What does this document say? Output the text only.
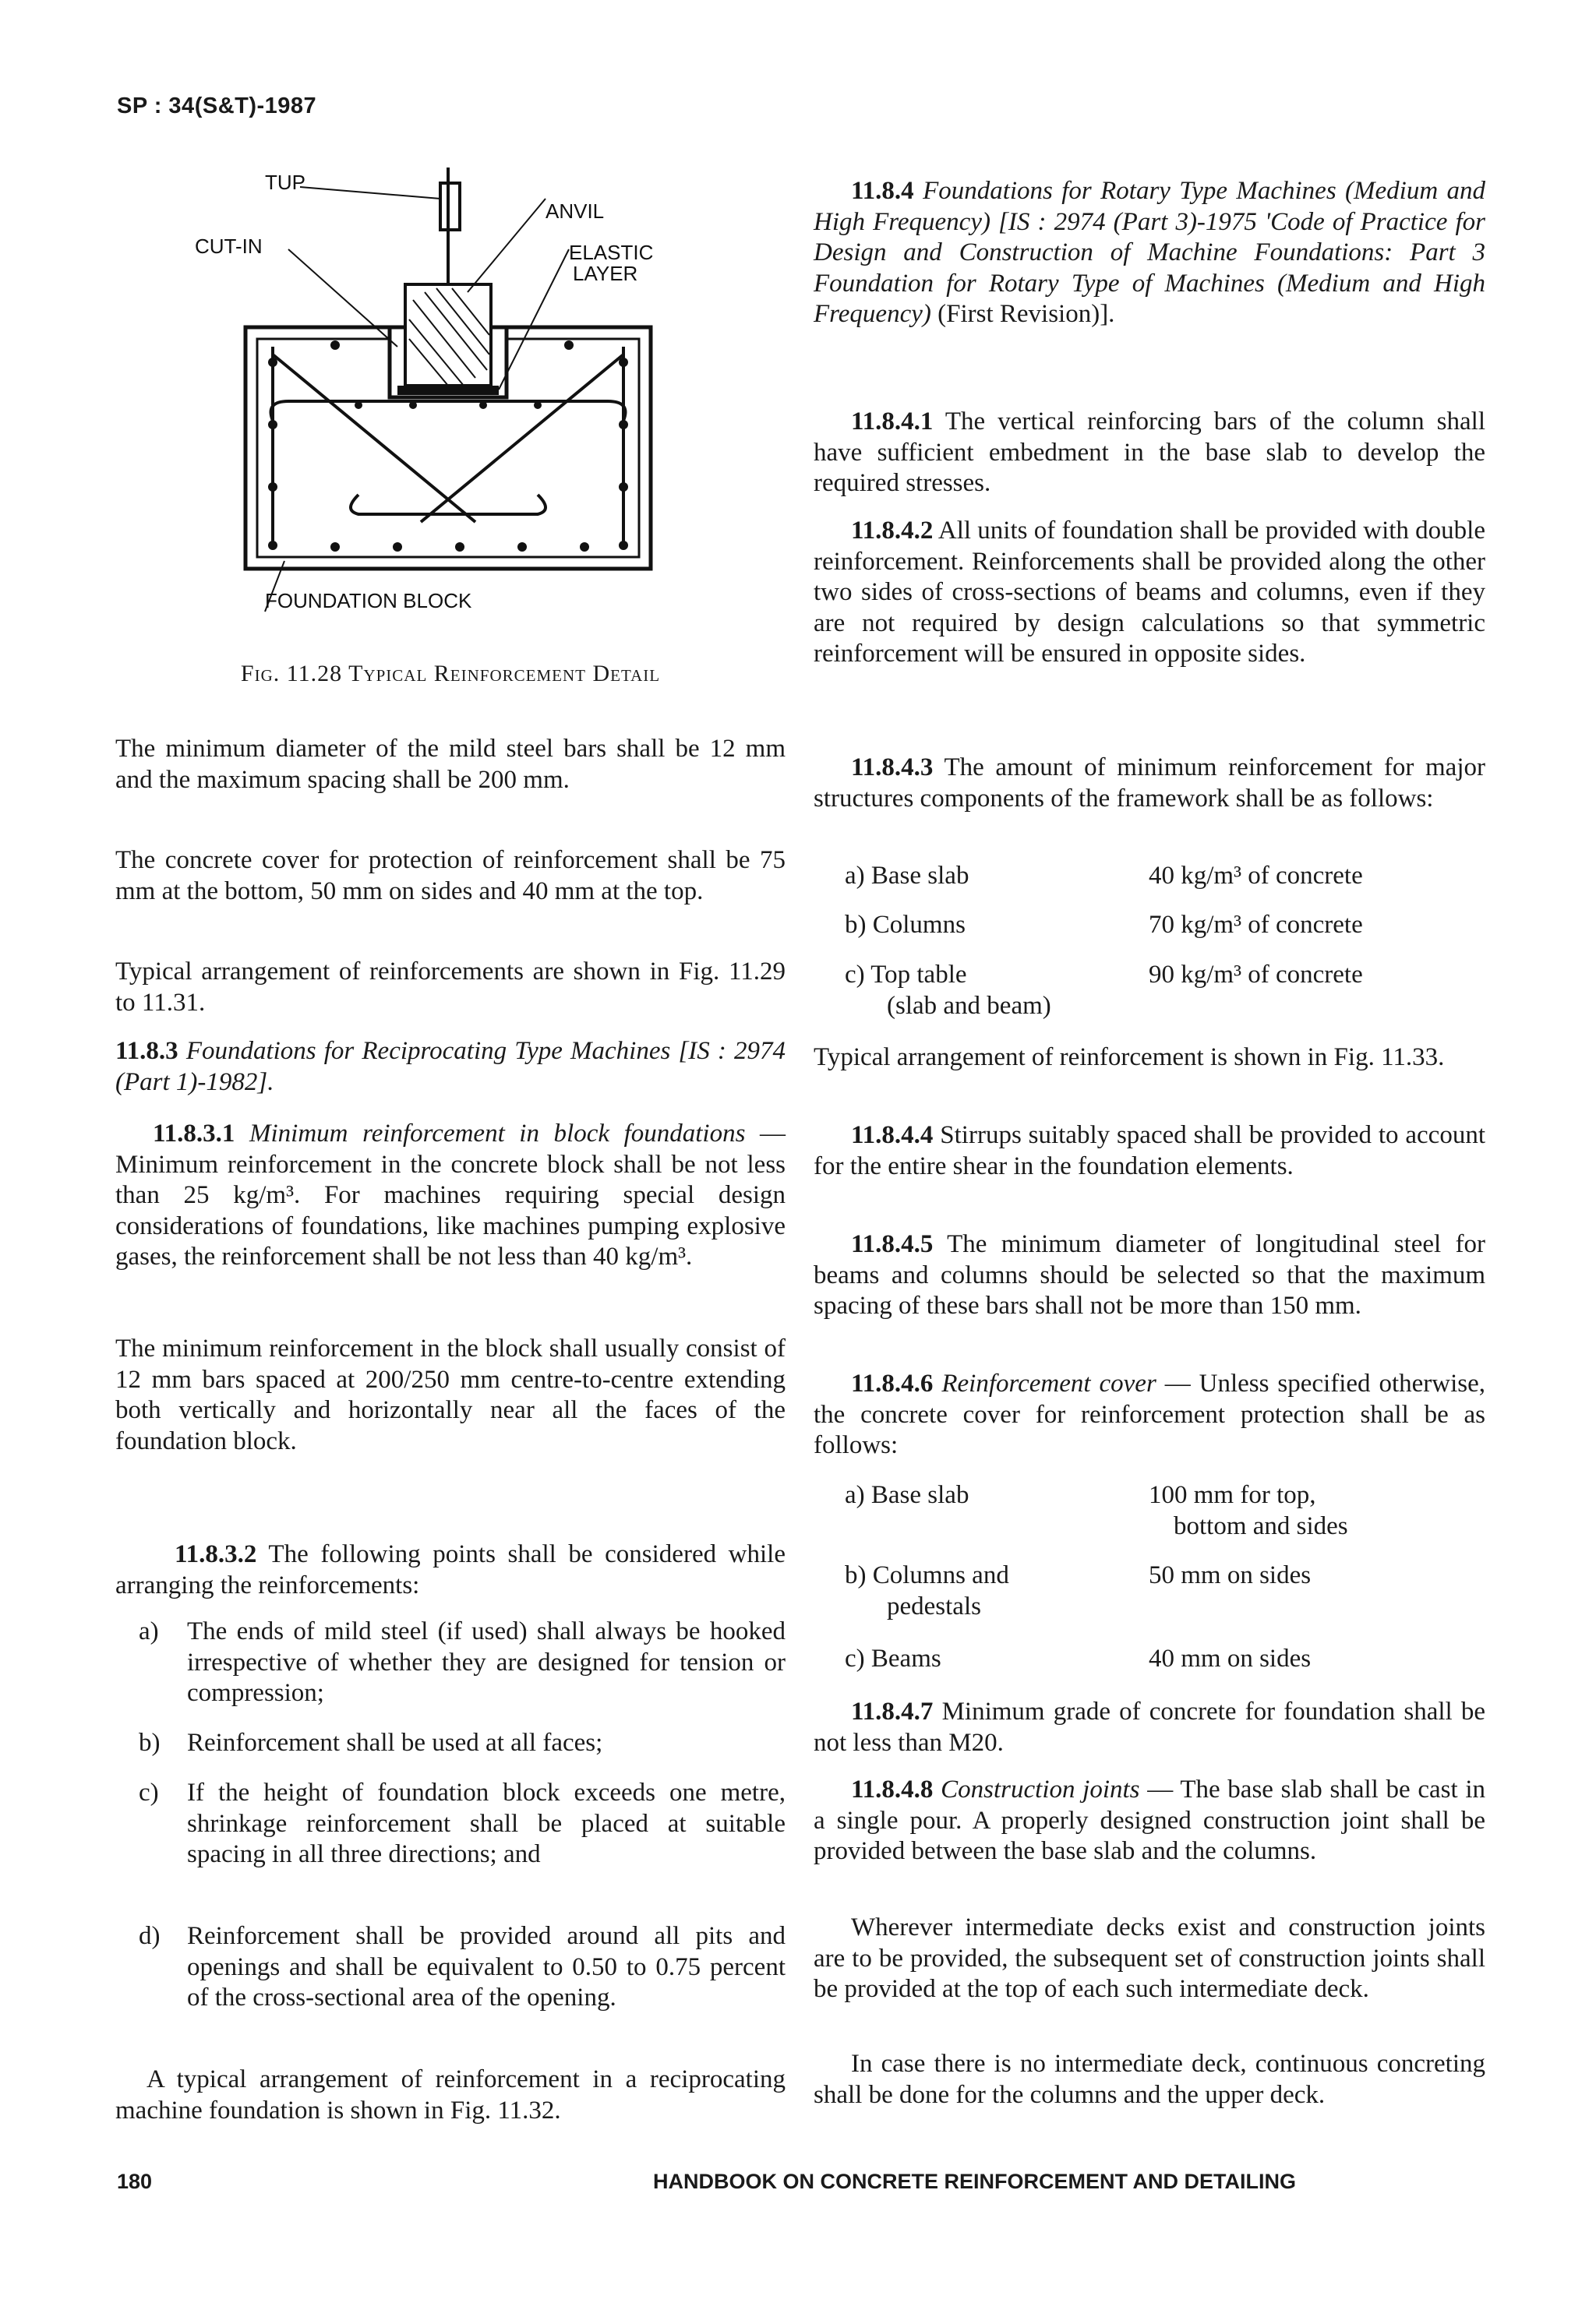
SP : 34(S&T)-1987
TUP
ANVIL
CUT-IN	ELASTIC
LAYER
FOUNDATION BLOCK
Fig. 11.28 Typical Reinforcement Detail

The minimum diameter of the mild steel bars shall be 12 mm and the maximum spacing shall be 200 mm.

The concrete cover for protection of reinforcement shall be 75 mm at the bottom, 50 mm on sides and 40 mm at the top.

Typical arrangement of reinforcements are shown in Fig. 11.29 to 11.31.

11.8.3 Foundations for Reciprocating Type Machines [IS : 2974 (Part 1)-1982].

11.8.3.1 Minimum reinforcement in block foundations — Minimum reinforcement in the concrete block shall be not less than 25 kg/m³. For machines requiring special design considerations of foundations, like machines pumping explosive gases, the reinforcement shall be not less than 40 kg/m³.

The minimum reinforcement in the block shall usually consist of 12 mm bars spaced at 200/250 mm centre-to-centre extending both vertically and horizontally near all the faces of the foundation block.

11.8.3.2 The following points shall be considered while arranging the reinforcements:

a) The ends of mild steel (if used) shall always be hooked irrespective of whether they are designed for tension or compression;
b) Reinforcement shall be used at all faces;
c) If the height of foundation block exceeds one metre, shrinkage reinforcement shall be placed at suitable spacing in all three directions; and
d) Reinforcement shall be provided around all pits and openings and shall be equivalent to 0.50 to 0.75 percent of the cross-sectional area of the opening.

A typical arrangement of reinforcement in a reciprocating machine foundation is shown in Fig. 11.32.

11.8.4 Foundations for Rotary Type Machines (Medium and High Frequency) [IS : 2974 (Part 3)-1975 'Code of Practice for Design and Construction of Machine Foundations: Part 3 Foundation for Rotary Type of Machines (Medium and High Frequency) (First Revision)].

11.8.4.1 The vertical reinforcing bars of the column shall have sufficient embedment in the base slab to develop the required stresses.

11.8.4.2 All units of foundation shall be provided with double reinforcement. Reinforcements shall be provided along the other two sides of cross-sections of beams and columns, even if they are not required by design calculations so that symmetric reinforcement will be ensured in opposite sides.

11.8.4.3 The amount of minimum reinforcement for major structures components of the framework shall be as follows:

a) Base slab	40 kg/m³ of concrete
b) Columns	70 kg/m³ of concrete
c) Top table	90 kg/m³ of concrete
(slab and beam)

Typical arrangement of reinforcement is shown in Fig. 11.33.

11.8.4.4 Stirrups suitably spaced shall be provided to account for the entire shear in the foundation elements.

11.8.4.5 The minimum diameter of longitudinal steel for beams and columns should be selected so that the maximum spacing of these bars shall not be more than 150 mm.

11.8.4.6 Reinforcement cover — Unless specified otherwise, the concrete cover for reinforcement protection shall be as follows:

a) Base slab	100 mm for top,
bottom and sides
b) Columns and	50 mm on sides
pedestals
c) Beams	40 mm on sides

11.8.4.7 Minimum grade of concrete for foundation shall be not less than M20.

11.8.4.8 Construction joints — The base slab shall be cast in a single pour. A properly designed construction joint shall be provided between the base slab and the columns.

Wherever intermediate decks exist and construction joints are to be provided, the subsequent set of construction joints shall be provided at the top of each such intermediate deck.

In case there is no intermediate deck, continuous concreting shall be done for the columns and the upper deck.

180	HANDBOOK ON CONCRETE REINFORCEMENT AND DETAILING
